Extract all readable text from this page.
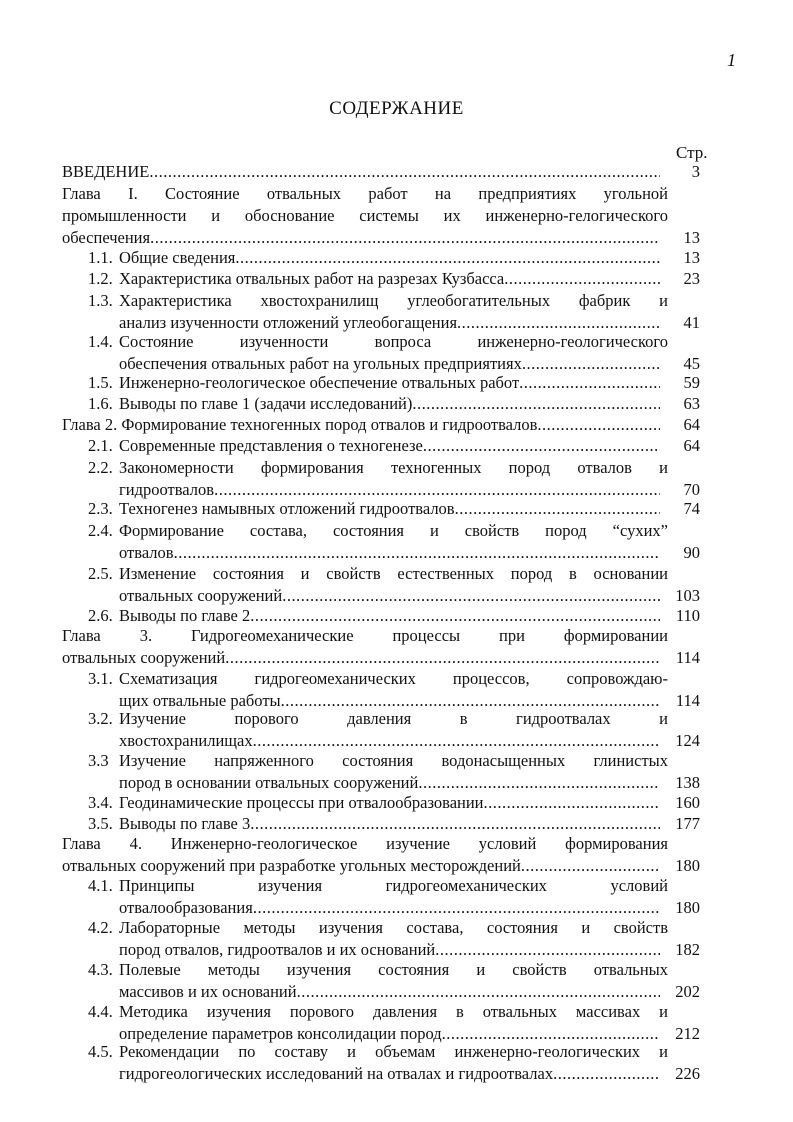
1
СОДЕРЖАНИЕ
Стр.
ВВЕДЕНИЕ .....	3
Глава I. Состояние отвальных работ на предприятиях угольной
промышленности и обоснование системы их инженерно-гелогического
обеспечения .....	13
1.1. Общие сведения .....	13
1.2. Характеристика отвальных работ на разрезах Кузбасса .....	23
1.3. Характеристика хвостохранилищ углеобогатительных фабрик и
анализ изученности отложений углеобогащения .....	41
1.4. Состояние изученности вопроса инженерно-геологического
обеспечения отвальных работ на угольных предприятиях .....	45
1.5. Инженерно-геологическое обеспечение отвальных работ .....	59
1.6. Выводы по главе 1 (задачи исследований) .....	63
Глава 2. Формирование техногенных пород отвалов и гидроотвалов .....	64
2.1. Современные представления о техногенезе .....	64
2.2. Закономерности формирования техногенных пород отвалов и
гидроотвалов .....	70
2.3. Техногенез намывных отложений гидроотвалов .....	74
2.4. Формирование состава, состояния и свойств пород “сухих”
отвалов .....	90
2.5. Изменение состояния и свойств естественных пород в основании
отвальных сооружений .....	103
2.6. Выводы по главе 2 .....	110
Глава 3. Гидрогеомеханические процессы при формировании
отвальных сооружений .....	114
3.1. Схематизация гидрогеомеханических процессов, сопровождаю-
щих отвальные работы .....	114
3.2. Изучение порового давления в гидроотвалах и
хвостохранилищах .....	124
3.3 Изучение напряженного состояния водонасыщенных глинистых
пород в основании отвальных сооружений .....	138
3.4. Геодинамические процессы при отвалообразовании .....	160
3.5. Выводы по главе 3 .....	177
Глава 4. Инженерно-геологическое изучение условий формирования
отвальных сооружений при разработке угольных месторождений .....	180
4.1. Принципы изучения гидрогеомеханических условий
отвалообразования .....	180
4.2. Лабораторные методы изучения состава, состояния и свойств
пород отвалов, гидроотвалов и их оснований .....	182
4.3. Полевые методы изучения состояния и свойств отвальных
массивов и их оснований .....	202
4.4. Методика изучения порового давления в отвальных массивах и
определение параметров консолидации пород .....	212
4.5. Рекомендации по составу и объемам инженерно-геологических и
гидрогеологических исследований на отвалах и гидроотвалах .....	226
